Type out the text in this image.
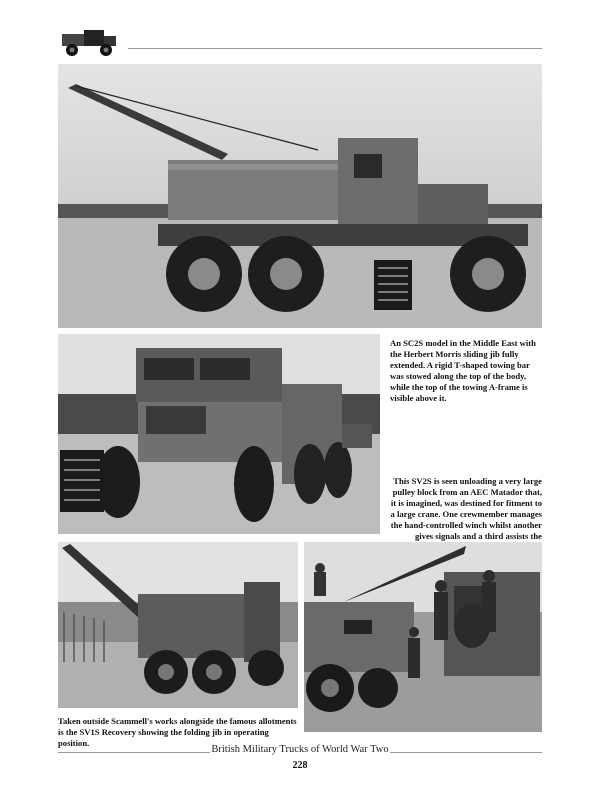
An SC2S model in the Middle East with the Herbert Morris sliding jib fully extended. A rigid T-shaped towing bar was stowed along the top of the body, while the top of the towing A-frame is visible above it.
This SV2S is seen unloading a very large pulley block from an AEC Matador that, it is imagined, was destined for fitment to a large crane. One crewmember manages the hand-controlled winch whilst another gives signals and a third assists the
Taken outside Scammell's works alongside the famous allotments is the SV1S Recovery showing the folding jib in operating position.
British Military Trucks of World War Two
228
